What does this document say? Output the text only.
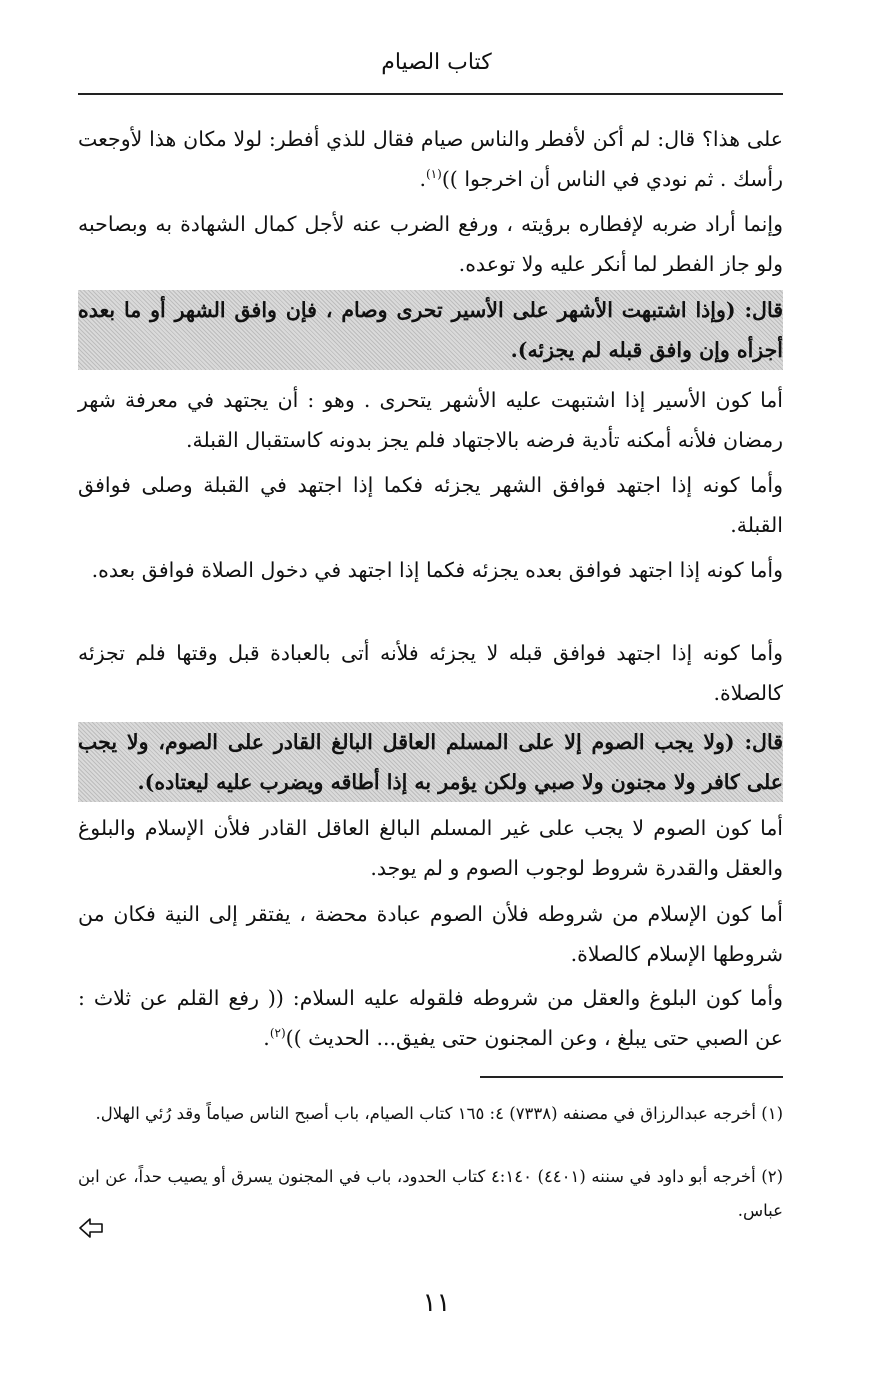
كتاب الصيام
على هذا؟ قال: لم أكن لأفطر والناس صيام فقال للذي أفطر: لولا مكان هذا لأوجعت رأسك . ثم نودي في الناس أن اخرجوا ))$^{(١)}$.
وإنما أراد ضربه لإفطاره برؤيته ، ورفع الضرب عنه لأجل كمال الشهادة به وبصاحبه ولو جاز الفطر لما أنكر عليه ولا توعده.
قال: (وإذا اشتبهت الأشهر على الأسير تحرى وصام ، فإن وافق الشهر أو ما بعده أجزأه وإن وافق قبله لم يجزئه).
أما كون الأسير إذا اشتبهت عليه الأشهر يتحرى . وهو : أن يجتهد في معرفة شهر رمضان فلأنه أمكنه تأدية فرضه بالاجتهاد فلم يجز بدونه كاستقبال القبلة.
وأما كونه إذا اجتهد فوافق الشهر يجزئه فكما إذا اجتهد في القبلة وصلى فوافق القبلة.
وأما كونه إذا اجتهد فوافق بعده يجزئه فكما إذا اجتهد في دخول الصلاة فوافق بعده.
وأما كونه إذا اجتهد فوافق قبله لا يجزئه فلأنه أتى بالعبادة قبل وقتها فلم تجزئه كالصلاة.
قال: (ولا يجب الصوم إلا على المسلم العاقل البالغ القادر على الصوم، ولا يجب على كافر ولا مجنون ولا صبي ولكن يؤمر به إذا أطاقه ويضرب عليه ليعتاده).
أما كون الصوم لا يجب على غير المسلم البالغ العاقل القادر فلأن الإسلام والبلوغ والعقل والقدرة شروط لوجوب الصوم و لم يوجد.
أما كون الإسلام من شروطه فلأن الصوم عبادة محضة ، يفتقر إلى النية فكان من شروطها الإسلام كالصلاة.
وأما كون البلوغ والعقل من شروطه فلقوله عليه السلام: (( رفع القلم عن ثلاث : عن الصبي حتى يبلغ ، وعن المجنون حتى يفيق... الحديث ))$^{(٢)}$.
(١) أخرجه عبدالرزاق في مصنفه (٧٣٣٨) ٤: ١٦٥ كتاب الصيام، باب أصبح الناس صياماً وقد رُئي الهلال.
(٢) أخرجه أبو داود في سننه (٤٤٠١) ٤:١٤٠ كتاب الحدود، باب في المجنون يسرق أو يصيب حداً، عن ابن عباس.
١١
